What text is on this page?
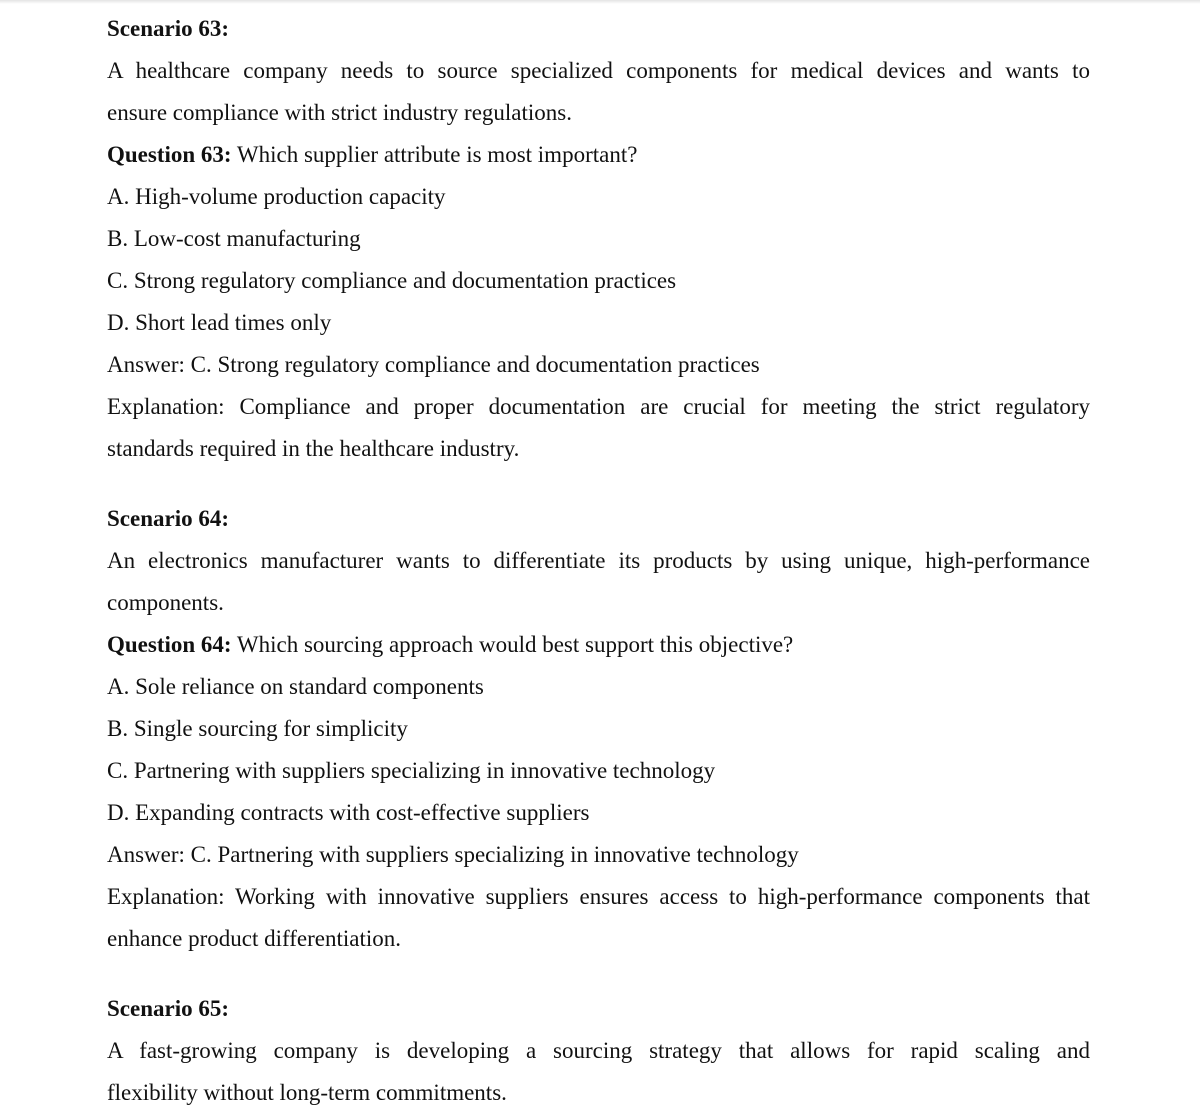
Scenario 63:
A healthcare company needs to source specialized components for medical devices and wants to
ensure compliance with strict industry regulations.
Question 63: Which supplier attribute is most important?
A. High-volume production capacity
B. Low-cost manufacturing
C. Strong regulatory compliance and documentation practices
D. Short lead times only
Answer: C. Strong regulatory compliance and documentation practices
Explanation: Compliance and proper documentation are crucial for meeting the strict regulatory
standards required in the healthcare industry.
Scenario 64:
An electronics manufacturer wants to differentiate its products by using unique, high-performance
components.
Question 64: Which sourcing approach would best support this objective?
A. Sole reliance on standard components
B. Single sourcing for simplicity
C. Partnering with suppliers specializing in innovative technology
D. Expanding contracts with cost-effective suppliers
Answer: C. Partnering with suppliers specializing in innovative technology
Explanation: Working with innovative suppliers ensures access to high-performance components that
enhance product differentiation.
Scenario 65:
A fast-growing company is developing a sourcing strategy that allows for rapid scaling and
flexibility without long-term commitments.
